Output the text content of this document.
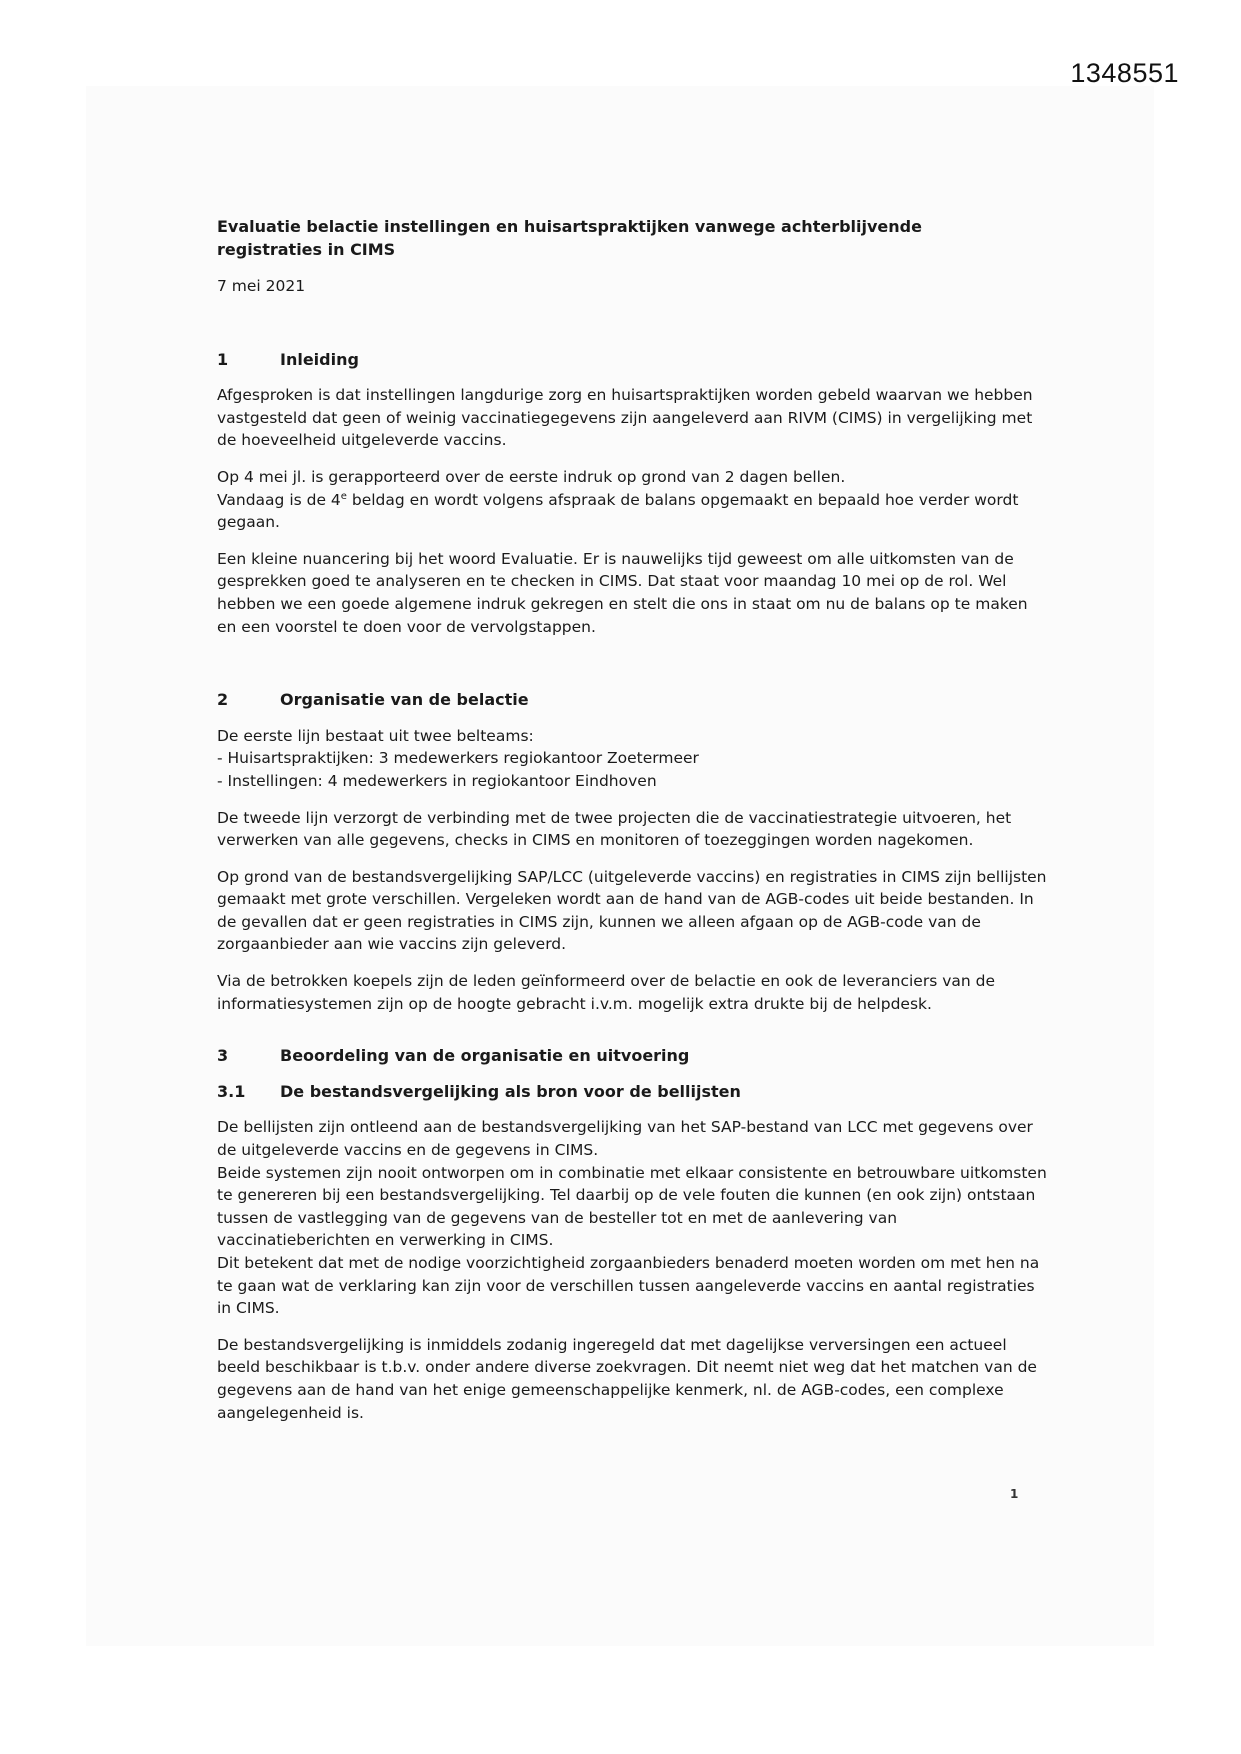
1348551

Evaluatie belactie instellingen en huisartspraktijken vanwege achterblijvende registraties in CIMS

7 mei 2021

1	Inleiding

Afgesproken is dat instellingen langdurige zorg en huisartspraktijken worden gebeld waarvan we hebben vastgesteld dat geen of weinig vaccinatiegegevens zijn aangeleverd aan RIVM (CIMS) in vergelijking met de hoeveelheid uitgeleverde vaccins.

Op 4 mei jl. is gerapporteerd over de eerste indruk op grond van 2 dagen bellen.
Vandaag is de 4e beldag en wordt volgens afspraak de balans opgemaakt en bepaald hoe verder wordt gegaan.

Een kleine nuancering bij het woord Evaluatie. Er is nauwelijks tijd geweest om alle uitkomsten van de gesprekken goed te analyseren en te checken in CIMS. Dat staat voor maandag 10 mei op de rol. Wel hebben we een goede algemene indruk gekregen en stelt die ons in staat om nu de balans op te maken en een voorstel te doen voor de vervolgstappen.

2	Organisatie van de belactie

De eerste lijn bestaat uit twee belteams:
- Huisartspraktijken: 3 medewerkers regiokantoor Zoetermeer
- Instellingen: 4 medewerkers in regiokantoor Eindhoven

De tweede lijn verzorgt de verbinding met de twee projecten die de vaccinatiestrategie uitvoeren, het verwerken van alle gegevens, checks in CIMS en monitoren of toezeggingen worden nagekomen.

Op grond van de bestandsvergelijking SAP/LCC (uitgeleverde vaccins) en registraties in CIMS zijn bellijsten gemaakt met grote verschillen. Vergeleken wordt aan de hand van de AGB-codes uit beide bestanden. In de gevallen dat er geen registraties in CIMS zijn, kunnen we alleen afgaan op de AGB-code van de zorgaanbieder aan wie vaccins zijn geleverd.

Via de betrokken koepels zijn de leden geïnformeerd over de belactie en ook de leveranciers van de informatiesystemen zijn op de hoogte gebracht i.v.m. mogelijk extra drukte bij de helpdesk.

3	Beoordeling van de organisatie en uitvoering
3.1	De bestandsvergelijking als bron voor de bellijsten

De bellijsten zijn ontleend aan de bestandsvergelijking van het SAP-bestand van LCC met gegevens over de uitgeleverde vaccins en de gegevens in CIMS.
Beide systemen zijn nooit ontworpen om in combinatie met elkaar consistente en betrouwbare uitkomsten te genereren bij een bestandsvergelijking. Tel daarbij op de vele fouten die kunnen (en ook zijn) ontstaan tussen de vastlegging van de gegevens van de besteller tot en met de aanlevering van vaccinatieberichten en verwerking in CIMS.
Dit betekent dat met de nodige voorzichtigheid zorgaanbieders benaderd moeten worden om met hen na te gaan wat de verklaring kan zijn voor de verschillen tussen aangeleverde vaccins en aantal registraties in CIMS.

De bestandsvergelijking is inmiddels zodanig ingeregeld dat met dagelijkse verversingen een actueel beeld beschikbaar is t.b.v. onder andere diverse zoekvragen. Dit neemt niet weg dat het matchen van de gegevens aan de hand van het enige gemeenschappelijke kenmerk, nl. de AGB-codes, een complexe aangelegenheid is.

1
